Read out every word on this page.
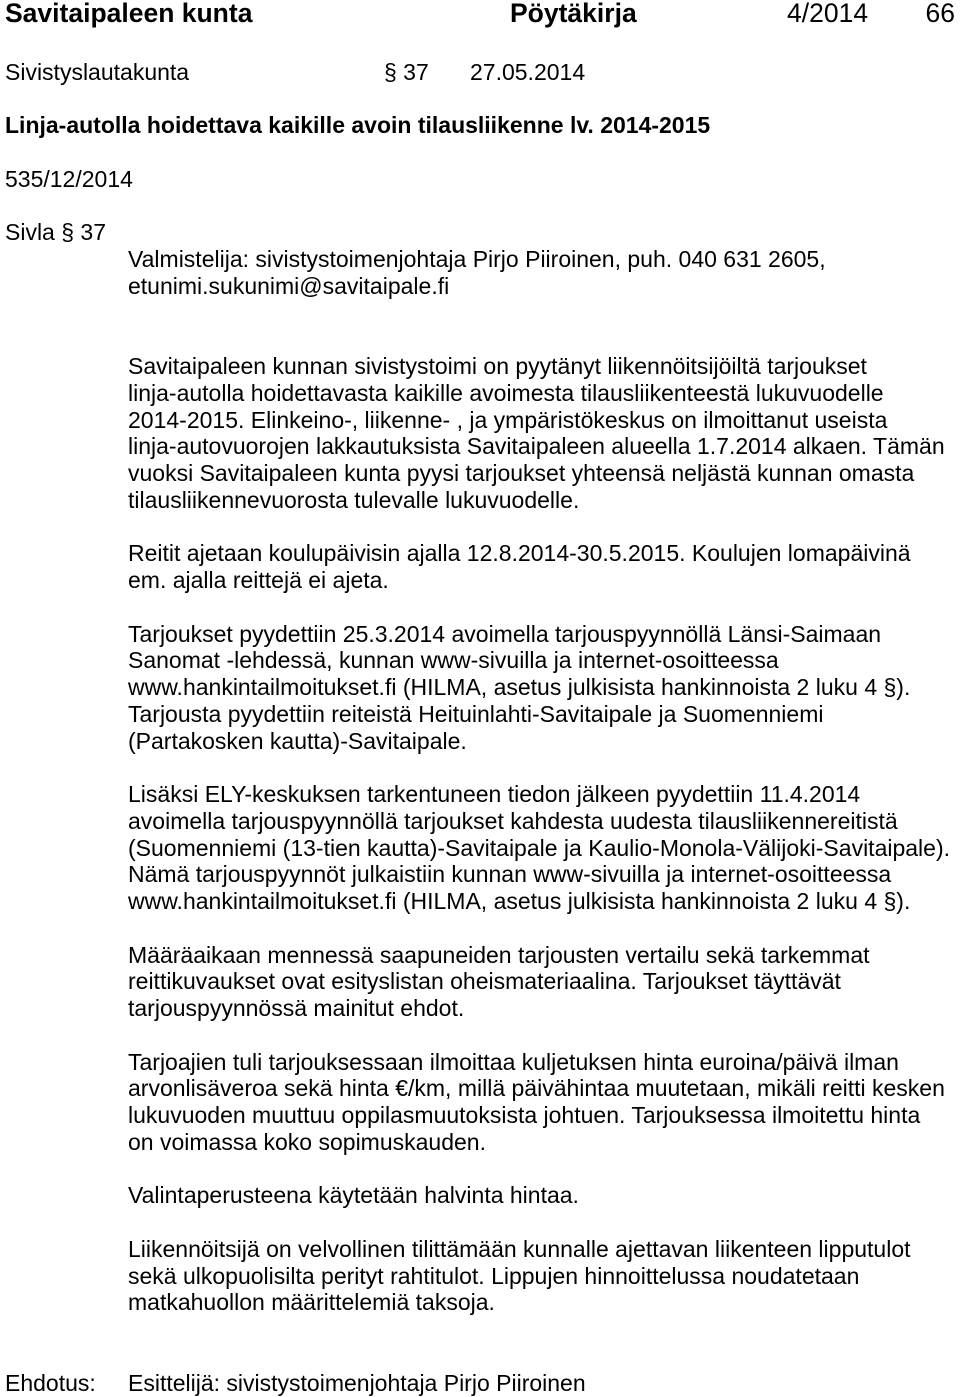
Savitaipaleen kunta	Pöytäkirja	4/2014 66
Sivistyslautakunta	§ 37 27.05.2014
Linja-autolla hoidettava kaikille avoin tilausliikenne lv. 2014-2015
535/12/2014
Sivla § 37
Valmistelija: sivistystoimenjohtaja Pirjo Piiroinen, puh. 040 631 2605,
etunimi.sukunimi@savitaipale.fi
Savitaipaleen kunnan sivistystoimi on pyytänyt liikennöitsijöiltä tarjoukset
linja-autolla hoidettavasta kaikille avoimesta tilausliikenteestä lukuvuodelle
2014-2015. Elinkeino-, liikenne- , ja ympäristökeskus on ilmoittanut useista
linja-autovuorojen lakkautuksista Savitaipaleen alueella 1.7.2014 alkaen. Tämän
vuoksi Savitaipaleen kunta pyysi tarjoukset yhteensä neljästä kunnan omasta
tilausliikennevuorosta tulevalle lukuvuodelle.
Reitit ajetaan koulupäivisin ajalla 12.8.2014-30.5.2015. Koulujen lomapäivinä
em. ajalla reittejä ei ajeta.
Tarjoukset pyydettiin 25.3.2014 avoimella tarjouspyynnöllä Länsi-Saimaan
Sanomat -lehdessä, kunnan www-sivuilla ja internet-osoitteessa
www.hankintailmoitukset.fi (HILMA, asetus julkisista hankinnoista 2 luku 4 §).
Tarjousta pyydettiin reiteistä Heituinlahti-Savitaipale ja Suomenniemi
(Partakosken kautta)-Savitaipale.
Lisäksi ELY-keskuksen tarkentuneen tiedon jälkeen pyydettiin 11.4.2014
avoimella tarjouspyynnöllä tarjoukset kahdesta uudesta tilausliikennereitistä
(Suomenniemi (13-tien kautta)-Savitaipale ja Kaulio-Monola-Välijoki-Savitaipale).
Nämä tarjouspyynnöt julkaistiin kunnan www-sivuilla ja internet-osoitteessa
www.hankintailmoitukset.fi (HILMA, asetus julkisista hankinnoista 2 luku 4 §).
Määräaikaan mennessä saapuneiden tarjousten vertailu sekä tarkemmat
reittikuvaukset ovat esityslistan oheismateriaalina. Tarjoukset täyttävät
tarjouspyynnössä mainitut ehdot.
Tarjoajien tuli tarjouksessaan ilmoittaa kuljetuksen hinta euroina/päivä ilman
arvonlisäveroa sekä hinta €/km, millä päivähintaa muutetaan, mikäli reitti kesken
lukuvuoden muuttuu oppilasmuutoksista johtuen. Tarjouksessa ilmoitettu hinta
on voimassa koko sopimuskauden.
Valintaperusteena käytetään halvinta hintaa.
Liikennöitsijä on velvollinen tilittämään kunnalle ajettavan liikenteen lipputulot
sekä ulkopuolisilta perityt rahtitulot. Lippujen hinnoittelussa noudatetaan
matkahuollon määrittelemiä taksoja.
Ehdotus: Esittelijä: sivistystoimenjohtaja Pirjo Piiroinen
